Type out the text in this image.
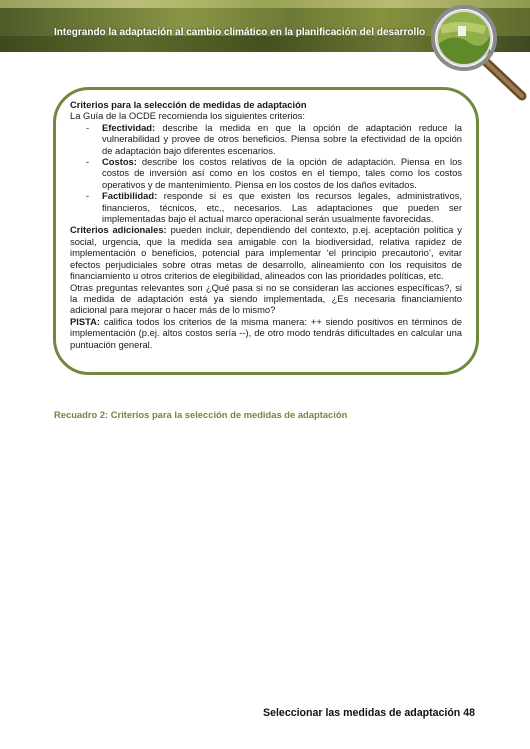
Integrando la adaptación al cambio climático en la planificación del desarrollo

Criterios para la selección de medidas de adaptación

La Guía de la OCDE recomienda los siguientes criterios:

-	Efectividad: describe la medida en que la opción de adaptación reduce la vulnerabilidad y provee de otros beneficios. Piensa sobre la efectividad de la opción de adaptación bajo diferentes escenarios.
-	Costos: describe los costos relativos de la opción de adaptación. Piensa en los costos de inversión así como en los costos en el tiempo, tales como los costos operativos y de mantenimiento. Piensa en los costos de los daños evitados.
-	Factibilidad: responde si es que existen los recursos legales, administrativos, financieros, técnicos, etc., necesarios. Las adaptaciones que pueden ser implementadas bajo el actual marco operacional serán usualmente favorecidas.

Criterios adicionales: pueden incluir, dependiendo del contexto, p.ej. aceptación política y social, urgencia, que la medida sea amigable con la biodiversidad, relativa rapidez de implementación o beneficios, potencial para implementar ‘el principio precautorio’, evitar efectos perjudiciales sobre otras metas de desarrollo, alineamiento con los requisitos de financiamiento u otros criterios de elegibilidad, alineados con las prioridades políticas, etc.

Otras preguntas relevantes son ¿Qué pasa si no se consideran las acciones específicas?, si la medida de adaptación está ya siendo implementada, ¿Es necesaria financiamiento adicional para mejorar o hacer más de lo mismo?

PISTA: califica todos los criterios de la misma manera: ++ siendo positivos en términos de implementación (p.ej. altos costos sería --), de otro modo tendrás dificultades en calcular una puntuación general.

Recuadro 2: Criterios para la selección de medidas de adaptación
Seleccionar las medidas de adaptación 48
